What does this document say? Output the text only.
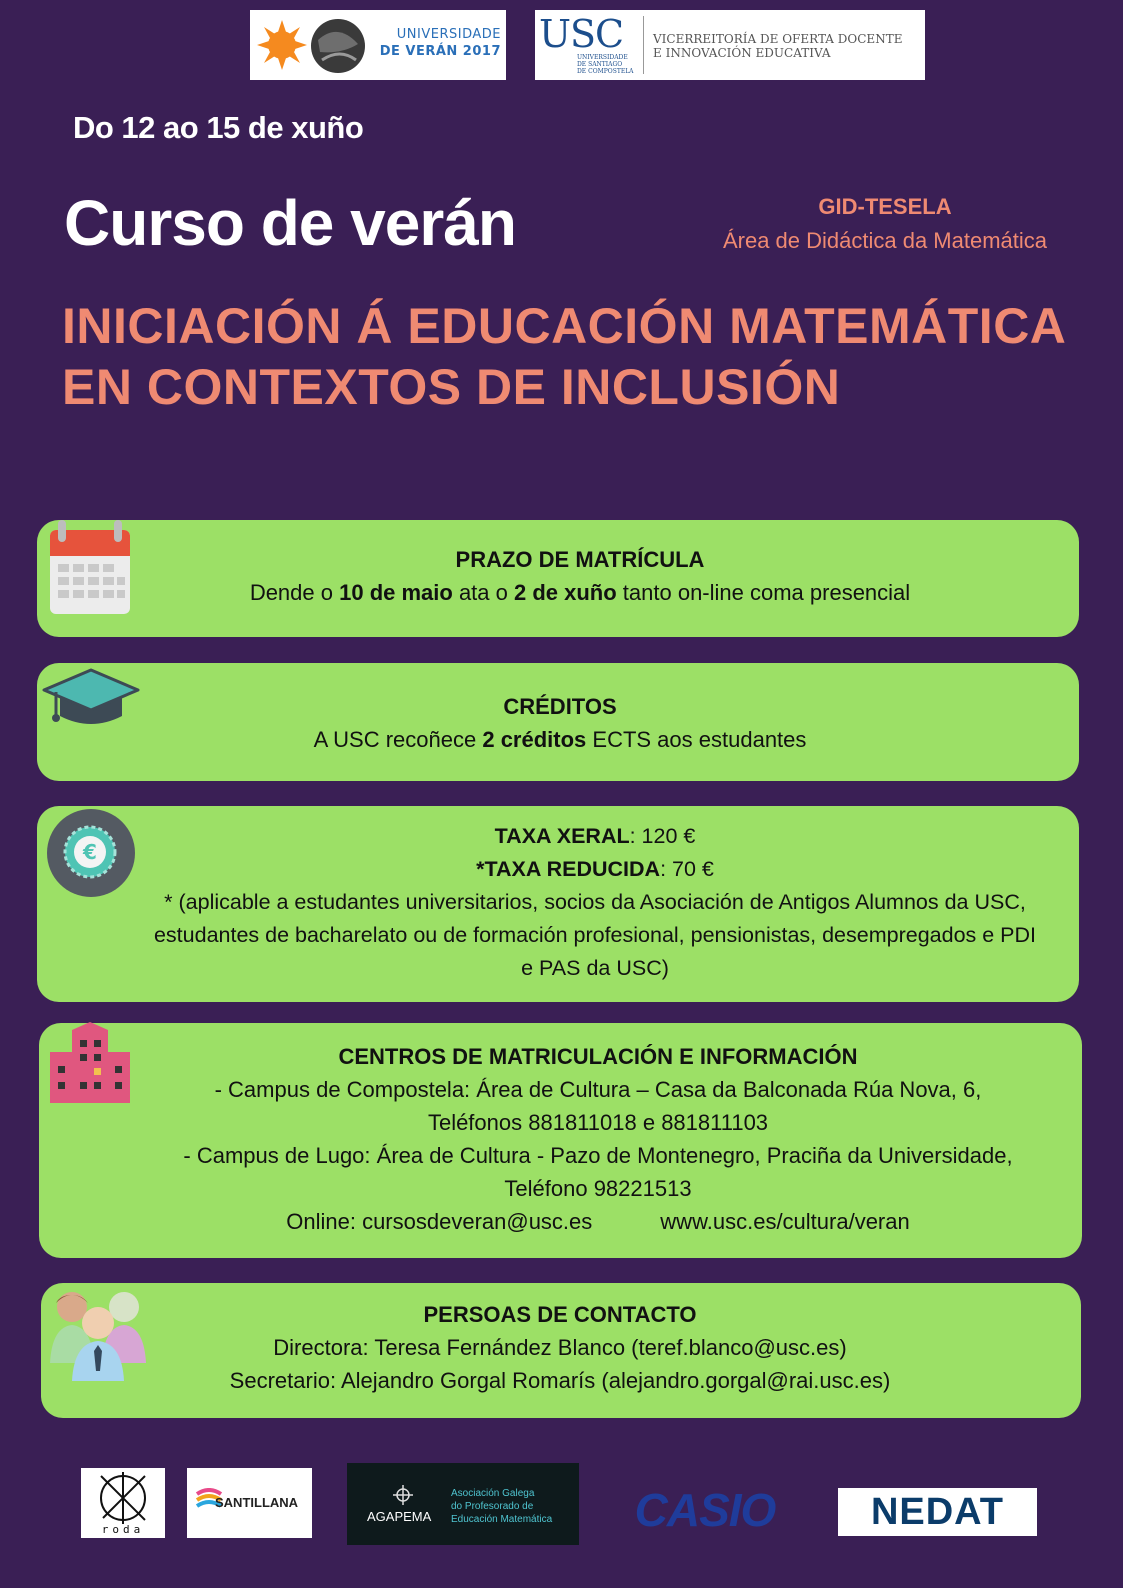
UNIVERSIDADE
DE VERÁN 2017 USC
UNIVERSIDADE
DE SANTIAGO
DE COMPOSTELA
VICERREITORÍA DE OFERTA DOCENTE
E INNOVACIÓN EDUCATIVA
Do 12 ao 15 de xuño
Curso de verán	GID-TESELA
Área de Didáctica da Matemática
INICIACIÓN Á EDUCACIÓN MATEMÁTICA
EN CONTEXTOS DE INCLUSIÓN
PRAZO DE MATRÍCULA
Dende o 10 de maio ata o 2 de xuño tanto on-line coma presencial
CRÉDITOS
A USC recoñece 2 créditos ECTS aos estudantes
€
TAXA XERAL: 120 €
*TAXA REDUCIDA: 70 €
* (aplicable a estudantes universitarios, socios da Asociación de Antigos Alumnos da USC,
estudantes de bacharelato ou de formación profesional, pensionistas, desempregados e PDI
e PAS da USC)
CENTROS DE MATRICULACIÓN E INFORMACIÓN
- Campus de Compostela: Área de Cultura – Casa da Balconada Rúa Nova, 6,
Teléfonos 881811018 e 881811103
- Campus de Lugo: Área de Cultura - Pazo de Montenegro, Praciña da Universidade,
Teléfono 98221513
Online: cursosdeveran@usc.es	www.usc.es/cultura/veran
PERSOAS DE CONTACTO
Directora: Teresa Fernández Blanco (teref.blanco@usc.es)
Secretario: Alejandro Gorgal Romarís (alejandro.gorgal@rai.usc.es)
roda
SANTILLANA
AGAPEMA
Asociación Galega
do Profesorado de
Educación Matemática	CASIO	NEDAT
